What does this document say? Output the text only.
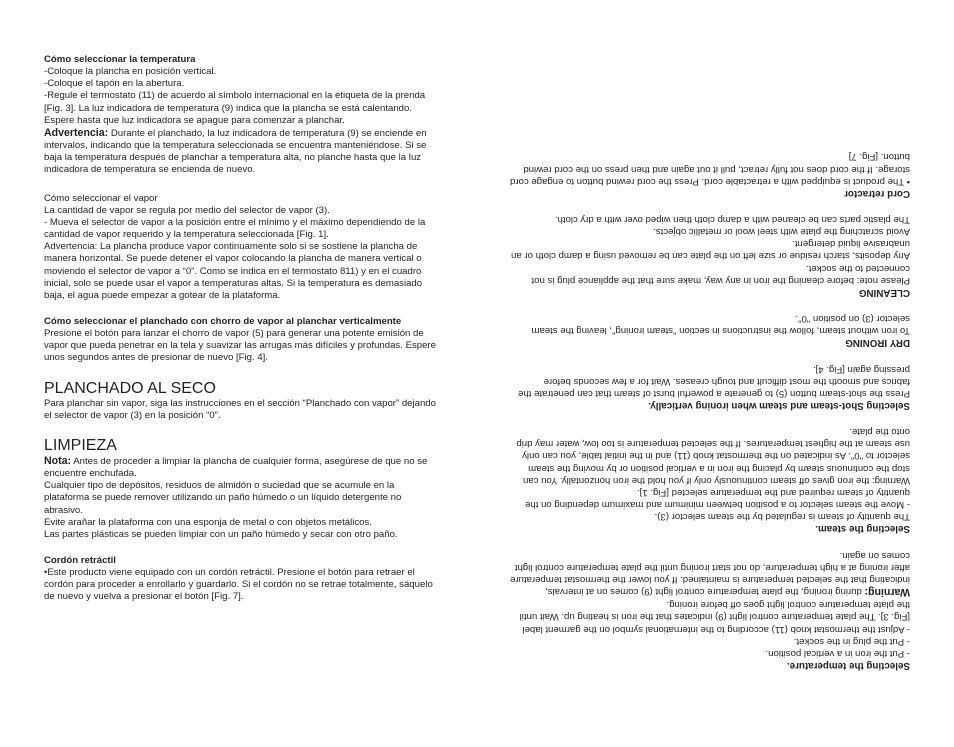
Cómo seleccionar la temperatura

-Coloque la plancha en posición vertical.

-Coloque el tapón en la abertura.

-Regule el termostato (11) de acuerdo al símbolo internacional en la etiqueta de la prenda [Fig. 3]. La luz indicadora de temperatura (9) indica que la plancha se está calentando. Espere hasta que luz indicadora se apague para comenzar a planchar.

Advertencia: Durante el planchado, la luz indicadora de temperatura (9) se enciende en intervalos, indicando que la temperatura seleccionada se encuentra manteniéndose. Si se baja la temperatura después de planchar a temperatura alta, no planche hasta que la luz indicadora de temperatura se encienda de nuevo.

Cómo seleccionar el vapor

La cantidad de vapor se regula por medio del selector de vapor (3).

- Mueva el selector de vapor a la posición entre el mínimo y el máximo dependiendo de la cantidad de vapor requerido y la temperatura seleccionada [Fig. 1].

Advertencia: La plancha produce vapor continuamente solo si se sostiene la plancha de manera horizontal. Se puede detener el vapor colocando la plancha de manera vertical o moviendo el selector de vapor a “0”. Como se indica en el termostato 811) y en el cuadro inicial, solo se puede usar el vapor a temperaturas altas. Si la temperatura es demasiado baja, el agua puede empezar a gotear de la plataforma.

Cómo seleccionar el planchado con chorro de vapor al planchar verticalmente

Presione el botón para lanzar el chorro de vapor (5) para generar una potente emisión de vapor que pueda penetrar en la tela y suavizar las arrugas más difíciles y profundas. Espere unos segundos antes de presionar de nuevo [Fig. 4].

PLANCHADO AL SECO

Para planchar sin vapor, siga las instrucciones en el sección “Planchado con vapor” dejando el selector de vapor (3) en la posición “0”.

LIMPIEZA

Nota: Antes de proceder a limpiar la plancha de cualquier forma, asegúrese de que no se encuentre enchufada.

Cualquier tipo de depósitos, residuos de almidón o suciedad que se acumule en la plataforma se puede remover utilizando un paño húmedo o un líquido detergente no abrasivo.

Evite arañar la plataforma con una esponja de metal o con objetos metálicos.

Las partes plásticas se pueden limpiar con un paño húmedo y secar con otro paño.

Cordón retráctil

•Este producto viene equipado con un cordón retráctil. Presione el botón para retraer el cordón para proceder a enrollarlo y guardarlo. Si el cordón no se retrae totalmente, sáquelo de nuevo y vuelva a presionar el botón [Fig. 7].

Selecting the temperature.

- Put the iron in a vertical position.

- Put the plug in the socket.

- Adjust the thermostat knob (11) according to the international symbol on the garment label [Fig. 3]. The plate temperature control light (9) indicates that the iron is heating up. Wait until the plate temperature control light goes off before ironing.

Warning: during ironing, the plate temperature control light (9) comes on at intervals, indicating that the selected temperature is maintained. If you lower the thermostat temperature after ironing at a high temperature, do not start ironing until the plate temperature control light comes on again.

Selecting the steam.

The quantity of steam is regulated by the steam selector (3).

- Move the steam selector to a position between minimum and maximum depending on the quantity of steam required and the temperature selected [Fig. 1].

Warning: the iron gives off steam continuously only if you hold the iron horizontally. You can stop the continuous steam by placing the iron in a vertical position or by moving the steam selector to "0". As indicated on the thermostat knob (11) and in the initial table, you can only use steam at the highest temperatures. If the selected temperature is too low, water may drip onto the plate.

Selecting Shot-steam and steam when ironing vertically.

Press the shot-steam button (5) to generate a powerful burst of steam that can penetrate the fabrics and smooth the most difficult and tough creases. Wait for a few seconds before pressing again [Fig. 4].

DRY IRONING

To iron without steam, follow the instructions in section "steam ironing", leaving the steam selector (3) on position "0".

CLEANING

Please note: before cleaning the iron in any way, make sure that the appliance plug is not connected to the socket.

Any deposits, starch residue or size left on the plate can be removed using a damp cloth or an unabrasive liquid detergent.

Avoid scratching the plate with steel wool or metallic objects.

The plastic parts can be cleaned with a damp cloth then wiped over with a dry cloth.

Cord retractor

• The product is equipped with a retractable cord. Press the cord rewind button to engage cord storage. If the cord does not fully retract, pull it out again and then press on the cord rewind button. [Fig. 7]
